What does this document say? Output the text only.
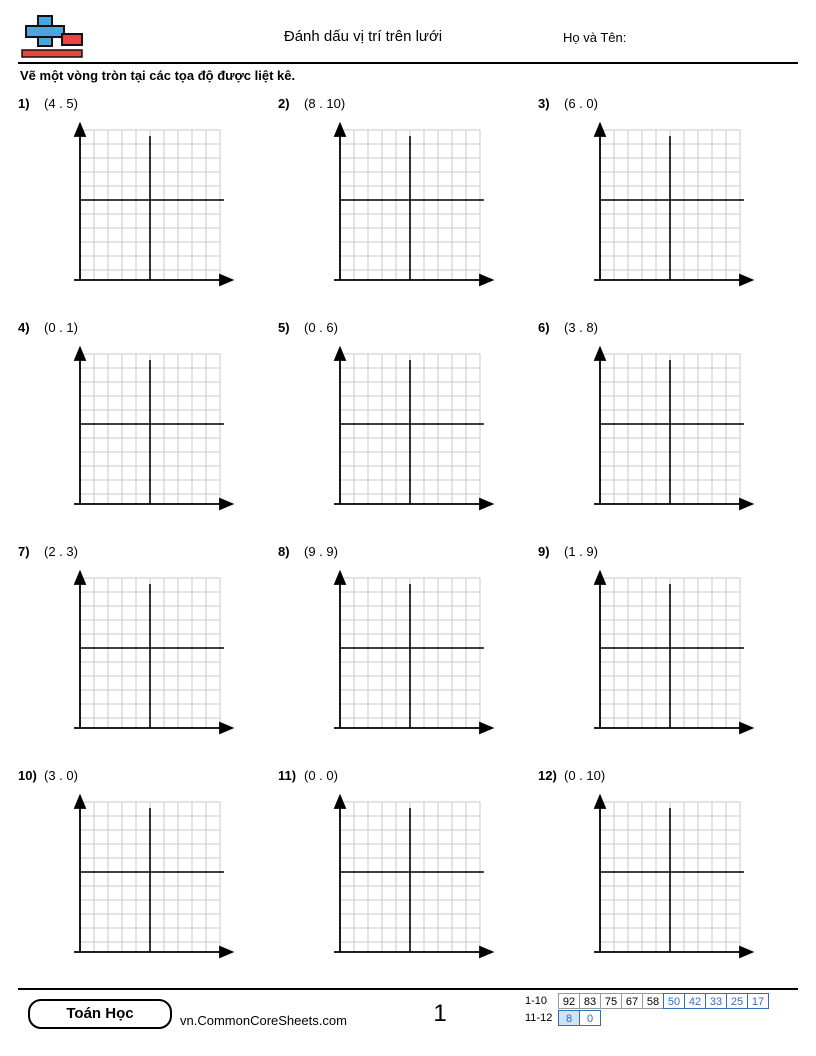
Đánh dấu vị trí trên lưới	Họ và Tên:
Vẽ một vòng tròn tại các tọa độ được liệt kê.
1) (4 . 5)	2) (8 . 10)	3) (6 . 0)
4) (0 . 1)	5) (0 . 6)	6) (3 . 8)
7) (2 . 3)	8) (9 . 9)	9) (1 . 9)
10) (3 . 0)	11) (0 . 0)	12) (0 . 10)
Toán Học	vn.CommonCoreSheets.com	1	1-10	92 83 75 67 58 50 42 33 25 17
11-12	8	0
